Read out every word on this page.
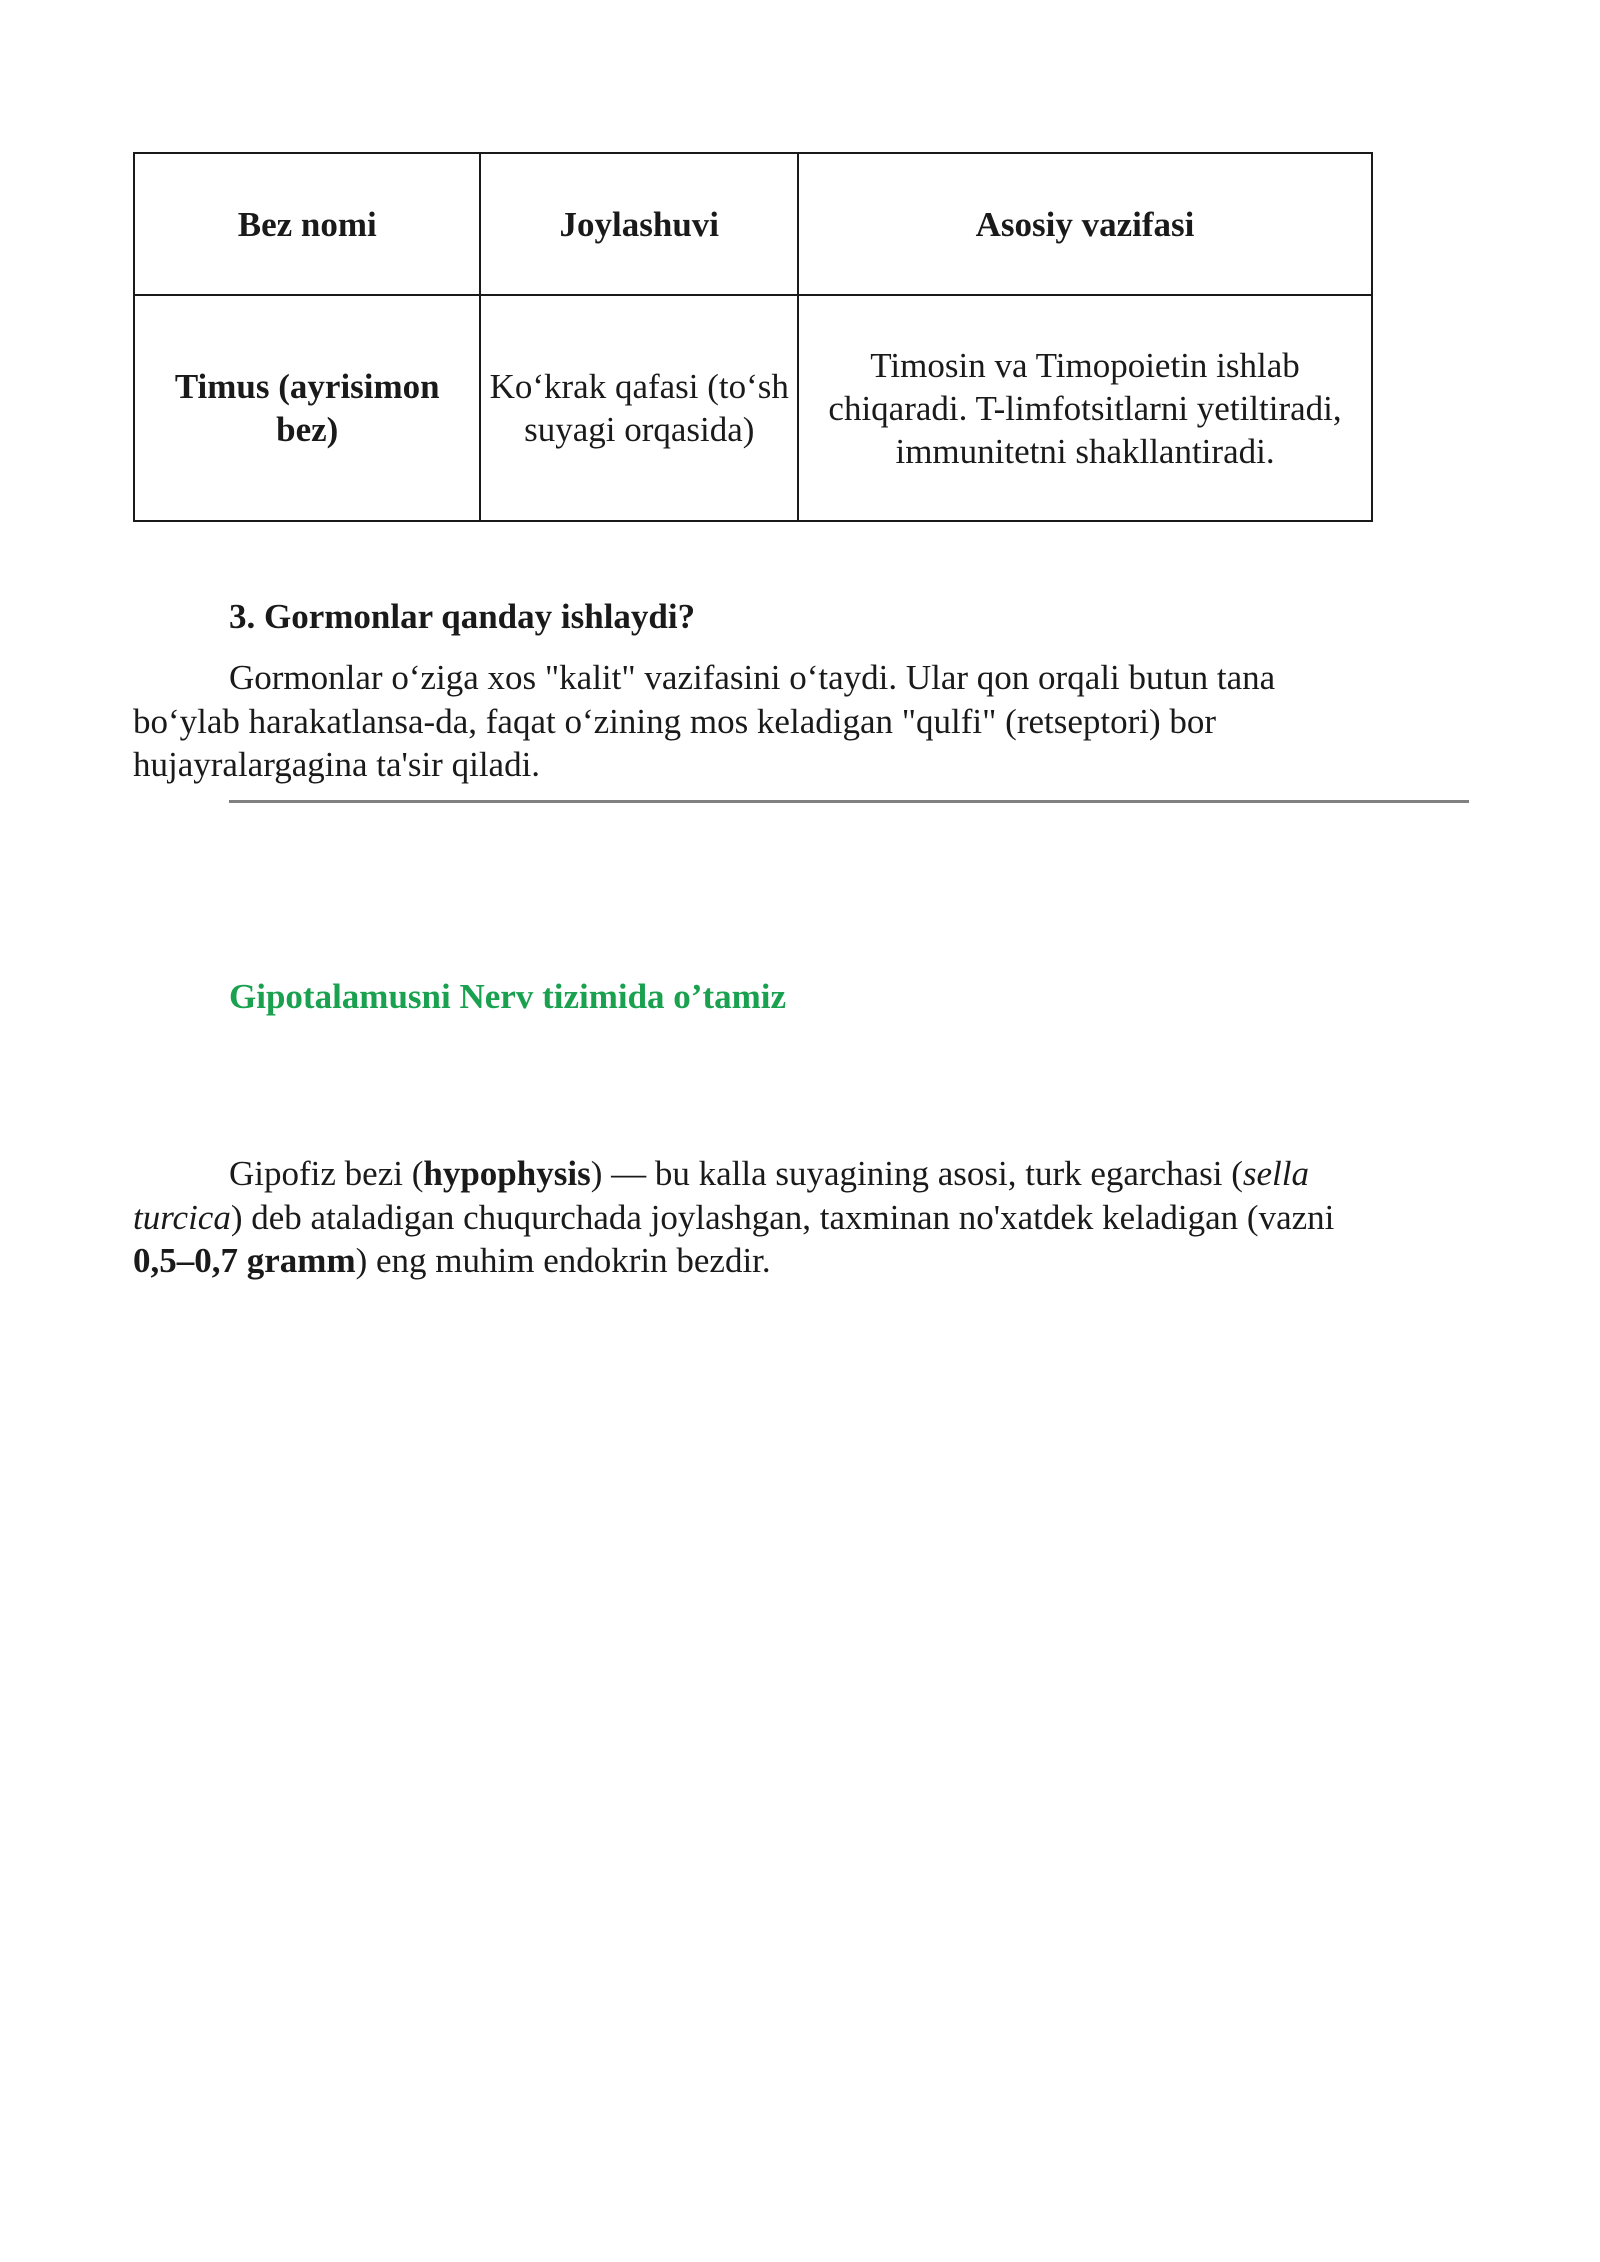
Bez nomi	Joylashuvi	Asosiy vazifasi
Timus (ayrisimon bez)	Ko‘krak qafasi (to‘sh suyagi orqasida)	Timosin va Timopoietin ishlab chiqaradi. T-limfotsitlarni yetiltiradi, immunitetni shakllantiradi.
3. Gormonlar qanday ishlaydi?

Gormonlar o‘ziga xos "kalit" vazifasini o‘taydi. Ular qon orqali butun tana bo‘ylab harakatlansa-da, faqat o‘zining mos keladigan "qulfi" (retseptori) bor hujayralargagina ta'sir qiladi.

Gipotalamusni Nerv tizimida o’tamiz

Gipofiz bezi (hypophysis) — bu kalla suyagining asosi, turk egarchasi (sella turcica) deb ataladigan chuqurchada joylashgan, taxminan no'xatdek keladigan (vazni 0,5–0,7 gramm) eng muhim endokrin bezdir.
